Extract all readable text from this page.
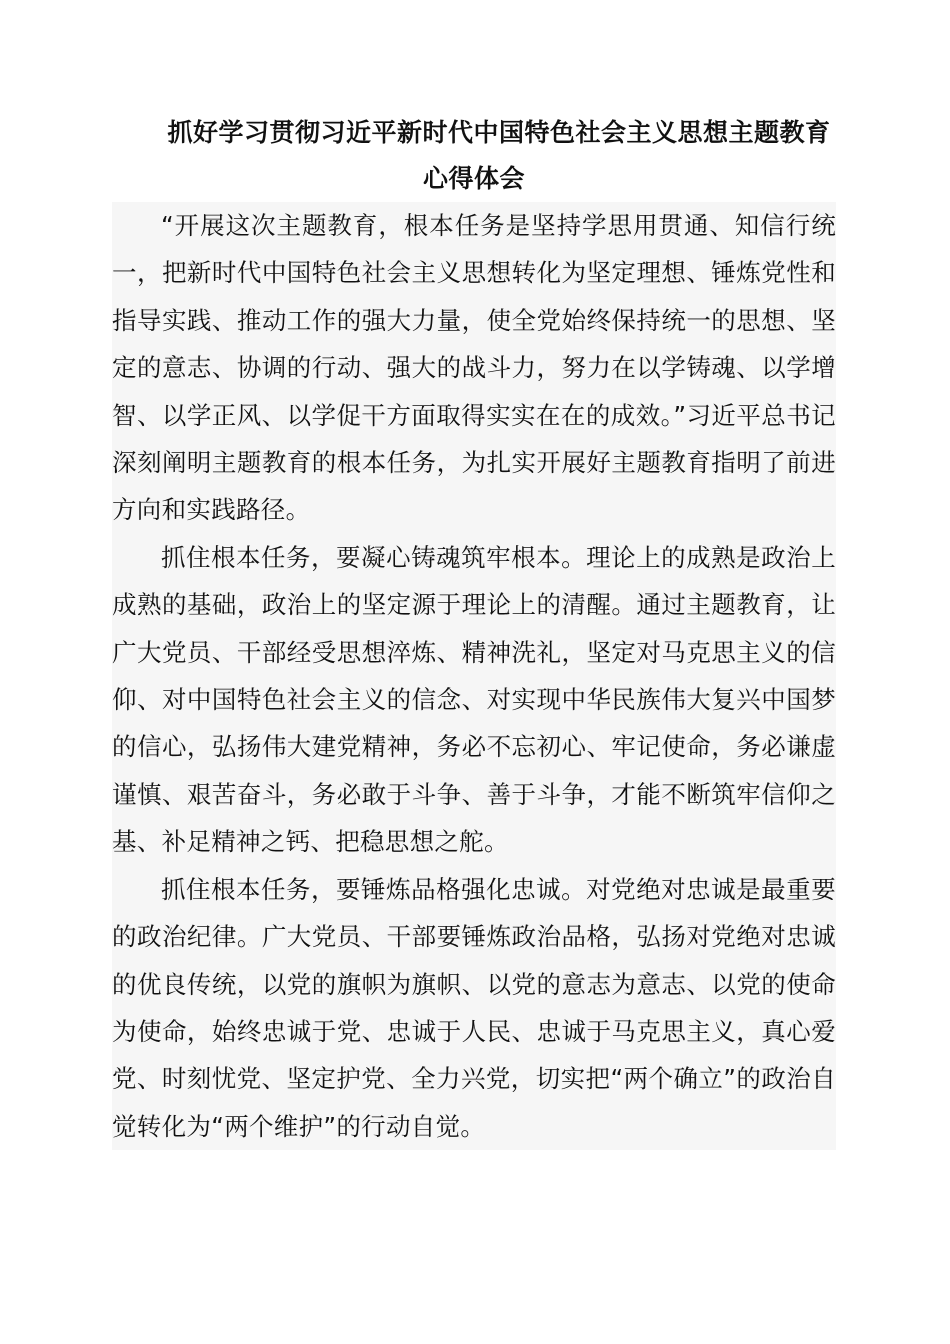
抓好学习贯彻习近平新时代中国特色社会主义思想主题教育心得体会

“开展这次主题教育，根本任务是坚持学思用贯通、知信行统一，把新时代中国特色社会主义思想转化为坚定理想、锤炼党性和指导实践、推动工作的强大力量，使全党始终保持统一的思想、坚定的意志、协调的行动、强大的战斗力，努力在以学铸魂、以学增智、以学正风、以学促干方面取得实实在在的成效。”习近平总书记深刻阐明主题教育的根本任务，为扎实开展好主题教育指明了前进方向和实践路径。

抓住根本任务，要凝心铸魂筑牢根本。理论上的成熟是政治上成熟的基础，政治上的坚定源于理论上的清醒。通过主题教育，让广大党员、干部经受思想淬炼、精神洗礼，坚定对马克思主义的信仰、对中国特色社会主义的信念、对实现中华民族伟大复兴中国梦的信心，弘扬伟大建党精神，务必不忘初心、牢记使命，务必谦虚谨慎、艰苦奋斗，务必敢于斗争、善于斗争，才能不断筑牢信仰之基、补足精神之钙、把稳思想之舵。

抓住根本任务，要锤炼品格强化忠诚。对党绝对忠诚是最重要的政治纪律。广大党员、干部要锤炼政治品格，弘扬对党绝对忠诚的优良传统，以党的旗帜为旗帜、以党的意志为意志、以党的使命为使命，始终忠诚于党、忠诚于人民、忠诚于马克思主义，真心爱党、时刻忧党、坚定护党、全力兴党，切实把“两个确立”的政治自觉转化为“两个维护”的行动自觉。
